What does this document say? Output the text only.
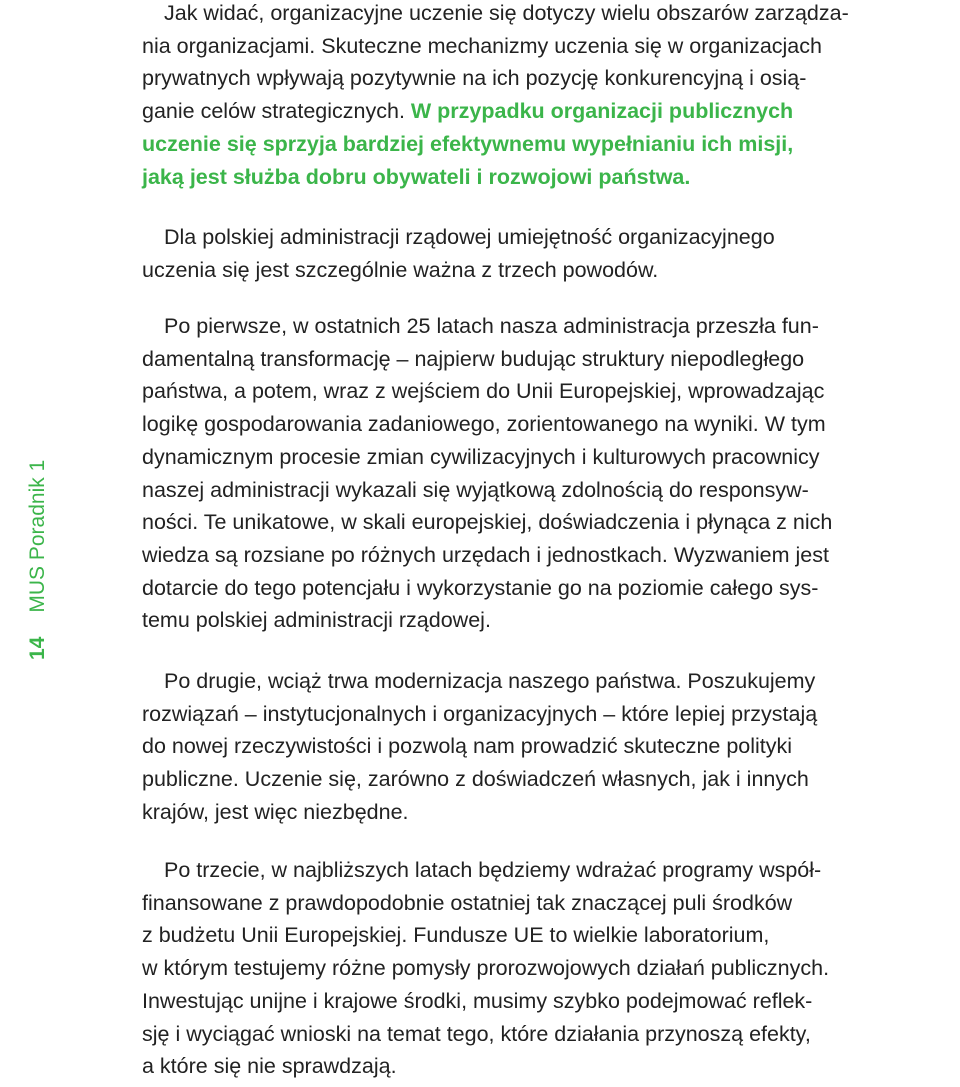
14MUS Poradnik 1

Jak widać, organizacyjne uczenie się dotyczy wielu obszarów zarządza-
nia organizacjami. Skuteczne mechanizmy uczenia się w organizacjach
prywatnych wpływają pozytywnie na ich pozycję konkurencyjną i osią-
ganie celów strategicznych. W przypadku organizacji publicznych
uczenie się sprzyja bardziej efektywnemu wypełnianiu ich misji,
jaką jest służba dobru obywateli i rozwojowi państwa.

Dla polskiej administracji rządowej umiejętność organizacyjnego
uczenia się jest szczególnie ważna z trzech powodów.

Po pierwsze, w ostatnich 25 latach nasza administracja przeszła fun-
damentalną transformację – najpierw budując struktury niepodległego
państwa, a potem, wraz z wejściem do Unii Europejskiej, wprowadzając
logikę gospodarowania zadaniowego, zorientowanego na wyniki. W tym
dynamicznym procesie zmian cywilizacyjnych i kulturowych pracownicy
naszej administracji wykazali się wyjątkową zdolnością do responsyw-
ności. Te unikatowe, w skali europejskiej, doświadczenia i płynąca z nich
wiedza są rozsiane po różnych urzędach i jednostkach. Wyzwaniem jest
dotarcie do tego potencjału i wykorzystanie go na poziomie całego sys-
temu polskiej administracji rządowej.

Po drugie, wciąż trwa modernizacja naszego państwa. Poszukujemy
rozwiązań – instytucjonalnych i organizacyjnych – które lepiej przystają
do nowej rzeczywistości i pozwolą nam prowadzić skuteczne polityki
publiczne. Uczenie się, zarówno z doświadczeń własnych, jak i innych
krajów, jest więc niezbędne.

Po trzecie, w najbliższych latach będziemy wdrażać programy współ-
finansowane z prawdopodobnie ostatniej tak znaczącej puli środków
z budżetu Unii Europejskiej. Fundusze UE to wielkie laboratorium,
w którym testujemy różne pomysły prorozwojowych działań publicznych.
Inwestując unijne i krajowe środki, musimy szybko podejmować reflek-
sję i wyciągać wnioski na temat tego, które działania przynoszą efekty,
a które się nie sprawdzają.
